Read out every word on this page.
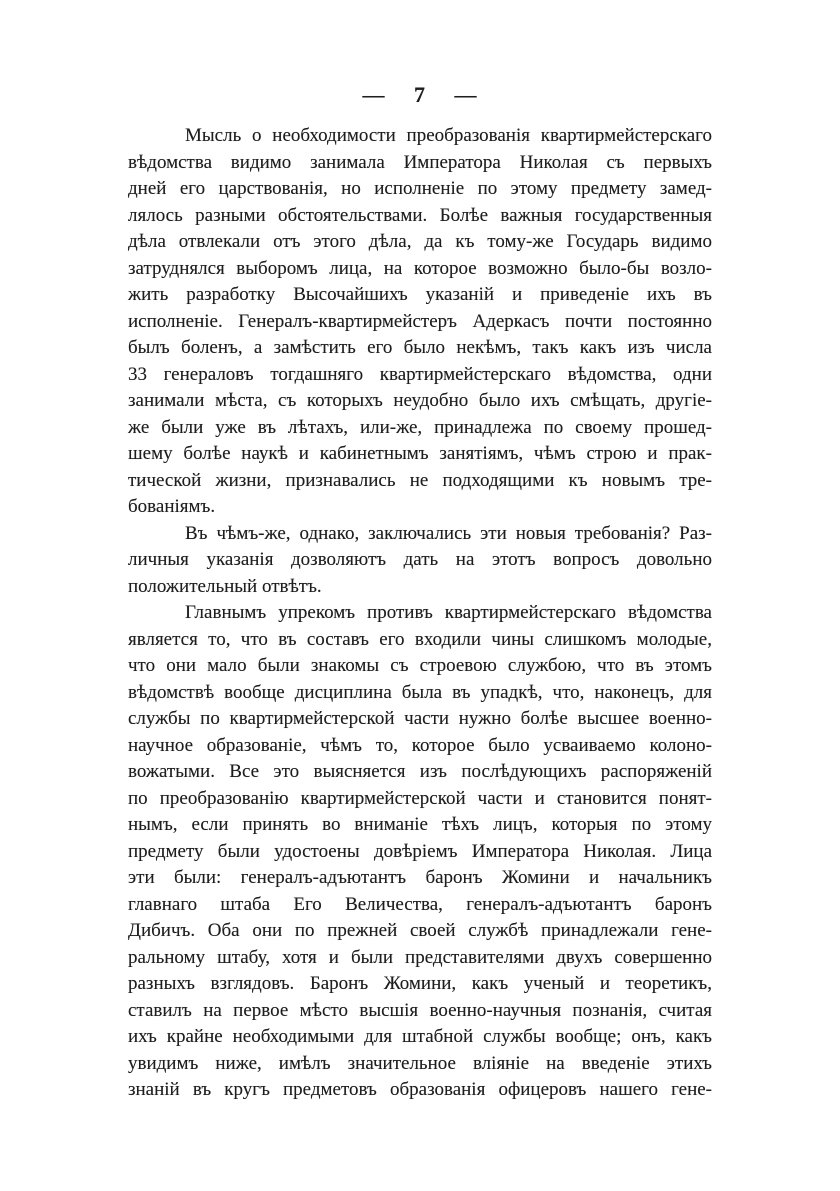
— 7 —
Мысль о необходимости преобразованія квартирмейстерскаго
вѣдомства видимо занимала Императора Николая съ первыхъ
дней его царствованія, но исполненіе по этому предмету замед-
лялось разными обстоятельствами. Болѣе важныя государственныя
дѣла отвлекали отъ этого дѣла, да къ тому-же Государь видимо
затруднялся выборомъ лица, на которое возможно было-бы возло-
жить разработку Высочайшихъ указаній и приведеніе ихъ въ
исполненіе. Генералъ-квартирмейстеръ Адеркасъ почти постоянно
былъ боленъ, а замѣстить его было некѣмъ, такъ какъ изъ числа
33 генераловъ тогдашняго квартирмейстерскаго вѣдомства, одни
занимали мѣста, съ которыхъ неудобно было ихъ смѣщать, другіе-
же были уже въ лѣтахъ, или-же, принадлежа по своему прошед-
шему болѣе наукѣ и кабинетнымъ занятіямъ, чѣмъ строю и прак-
тической жизни, признавались не подходящими къ новымъ тре-
бованіямъ.
Въ чѣмъ-же, однако, заключались эти новыя требованія? Раз-
личныя указанія дозволяютъ дать на этотъ вопросъ довольно
положительный отвѣтъ.
Главнымъ упрекомъ противъ квартирмейстерскаго вѣдомства
является то, что въ составъ его входили чины слишкомъ молодые,
что они мало были знакомы съ строевою службою, что въ этомъ
вѣдомствѣ вообще дисциплина была въ упадкѣ, что, наконецъ, для
службы по квартирмейстерской части нужно болѣе высшее военно-
научное образованіе, чѣмъ то, которое было усваиваемо колоно-
вожатыми. Все это выясняется изъ послѣдующихъ распоряженій
по преобразованію квартирмейстерской части и становится понят-
нымъ, если принять во вниманіе тѣхъ лицъ, которыя по этому
предмету были удостоены довѣріемъ Императора Николая. Лица
эти были: генералъ-адъютантъ баронъ Жомини и начальникъ
главнаго штаба Его Величества, генералъ-адъютантъ баронъ
Дибичъ. Оба они по прежней своей службѣ принадлежали гене-
ральному штабу, хотя и были представителями двухъ совершенно
разныхъ взглядовъ. Баронъ Жомини, какъ ученый и теоретикъ,
ставилъ на первое мѣсто высшія военно-научныя познанія, считая
ихъ крайне необходимыми для штабной службы вообще; онъ, какъ
увидимъ ниже, имѣлъ значительное вліяніе на введеніе этихъ
знаній въ кругъ предметовъ образованія офицеровъ нашего гене-
